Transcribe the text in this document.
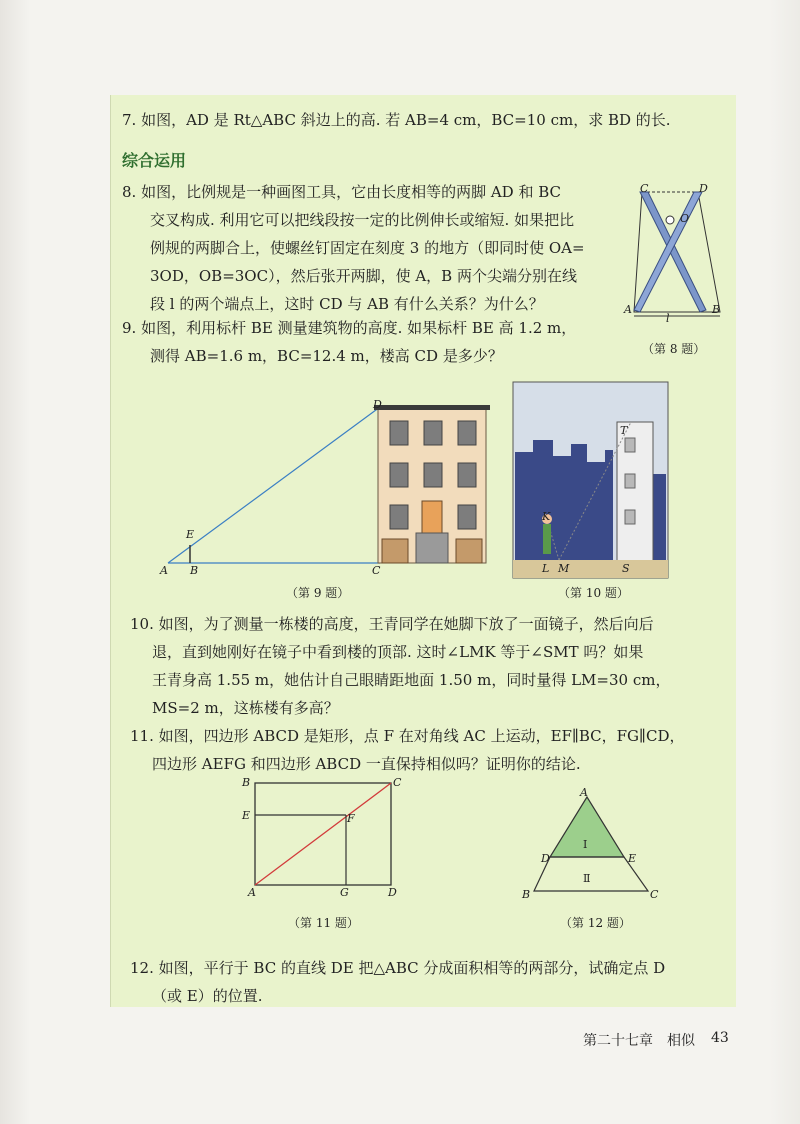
7. 如图，AD 是 Rt△ABC 斜边上的高. 若 AB=4 cm，BC=10 cm，求 BD 的长.
综合运用
8. 如图，比例规是一种画图工具，它由长度相等的两脚 AD 和 BC
交叉构成. 利用它可以把线段按一定的比例伸长或缩短. 如果把比
例规的两脚合上，使螺丝钉固定在刻度 3 的地方（即同时使 OA=
3OD，OB=3OC），然后张开两脚，使 A，B 两个尖端分别在线
段 l 的两个端点上，这时 CD 与 AB 有什么关系？为什么？
C	D
O
A	B
l
（第 8 题）
9. 如图，利用标杆 BE 测量建筑物的高度. 如果标杆 BE 高 1.2 m，
测得 AB=1.6 m，BC=12.4 m，楼高 CD 是多少？
D
E
A B	C
（第 9 题）
T
K
L M	S
（第 10 题）
10. 如图，为了测量一栋楼的高度，王青同学在她脚下放了一面镜子，然后向后
退，直到她刚好在镜子中看到楼的顶部. 这时∠LMK 等于∠SMT 吗？如果
王青身高 1.55 m，她估计自己眼睛距地面 1.50 m，同时量得 LM=30 cm，
MS=2 m，这栋楼有多高？
11. 如图，四边形 ABCD 是矩形，点 F 在对角线 AC 上运动，EF∥BC，FG∥CD，
四边形 AEFG 和四边形 ABCD 一直保持相似吗？证明你的结论.
B	C
E	F
A	G	D
（第 11 题）
A
D	E
B	C
Ⅰ
Ⅱ
（第 12 题）
12. 如图，平行于 BC 的直线 DE 把△ABC 分成面积相等的两部分，试确定点 D
（或 E）的位置.
第二十七章　相似 43
